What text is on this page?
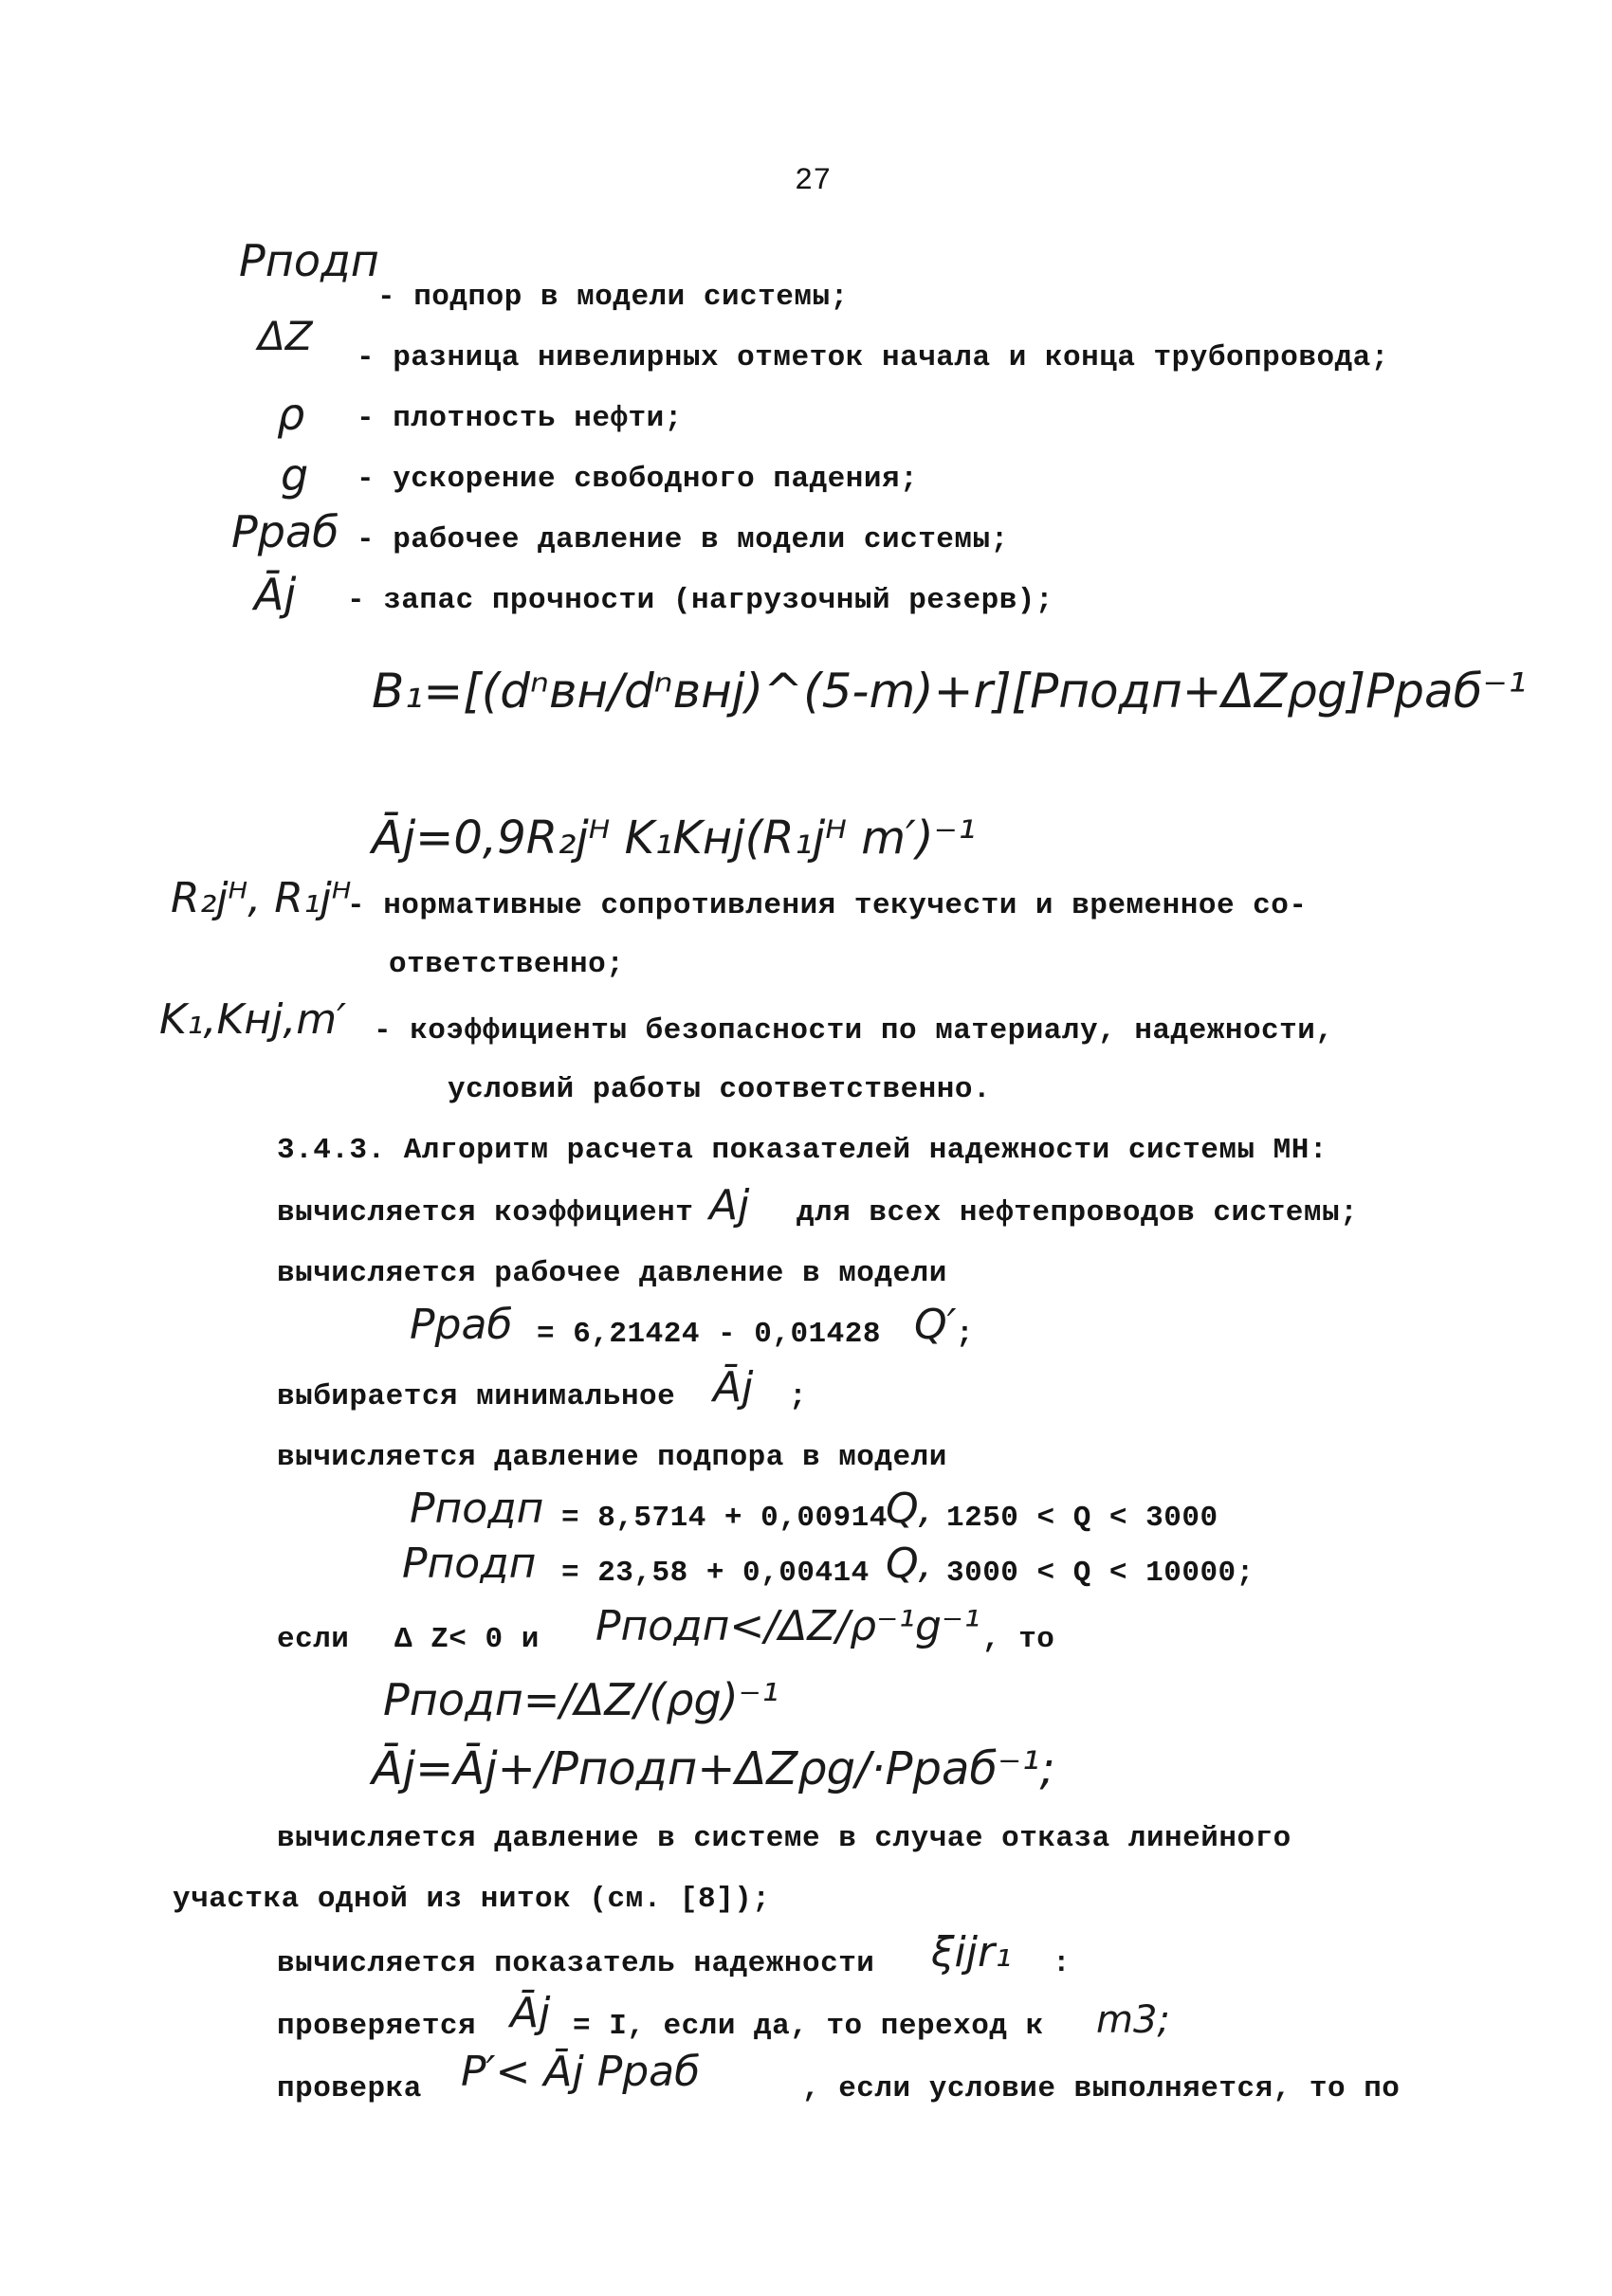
27
Pподп
- подпор в модели системы;
ΔZ - разница нивелирных отметок начала и конца трубопровода;
ρ - плотность нефти;
g - ускорение свободного падения;
Pраб - рабочее давление в модели системы;
Āj - запас прочности (нагрузочный резерв);
B₁=[(dⁿвн/dⁿвнj)^(5-m)+r][Pподп+ΔZρg]Pраб⁻¹
Āj=0,9R₂jᴴ K₁Kнj(R₁jᴴ m′)⁻¹
R₂jᴴ, R₁jᴴ
- нормативные сопротивления текучести и временное со-
ответственно;
K₁,Kнj,m′ - коэффициенты безопасности по материалу, надежности,
условий работы соответственно.
3.4.3. Алгоритм расчета показателей надежности системы МН:
вычисляется коэффициент Aj для всех нефтепроводов системы;
вычисляется рабочее давление в модели
Pраб = 6,21424 - 0,01428 Q′ ;
выбирается минимальное Āj ;
вычисляется давление подпора в модели
Pподп = 8,5714 + 0,00914
Q, 1250 < Q < 3000
Pподп = 23,58 + 0,00414 Q, 3000 < Q < 10000;
если Δ Z< 0 и Pподп</ΔZ/ρ⁻¹g⁻¹ , то
Pподп=/ΔZ/(ρg)⁻¹
Āj=Āj+/Pподп+ΔZρg/·Pраб⁻¹;
вычисляется давление в системе в случае отказа линейного
участка одной из ниток (см. [8]);
вычисляется показатель надежности ξijr₁ :
проверяется Āj = I, если да, то переход к m3;
проверка P′< Āj Pраб	, если условие выполняется, то по
